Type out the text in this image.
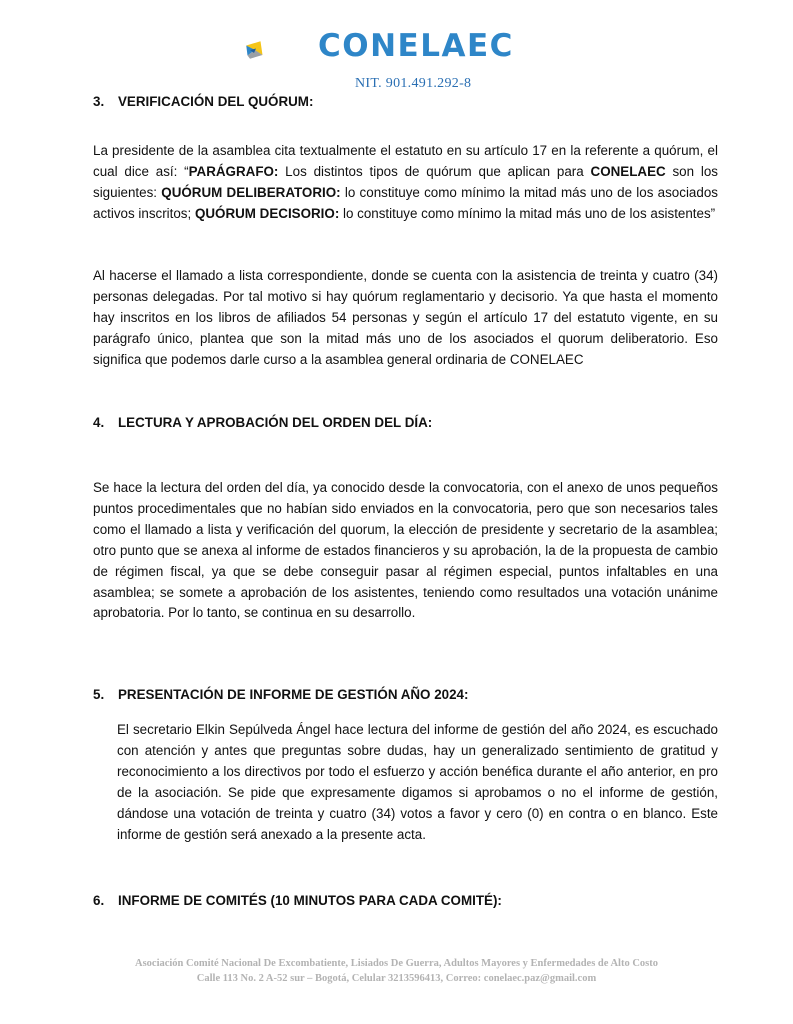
CONELAEC
NIT. 901.491.292-8
3. VERIFICACIÓN DEL QUÓRUM:
La presidente de la asamblea cita textualmente el estatuto en su artículo 17 en la referente a quórum, el cual dice así: “PARÁGRAFO: Los distintos tipos de quórum que aplican para CONELAEC son los siguientes: QUÓRUM DELIBERATORIO: lo constituye como mínimo la mitad más uno de los asociados activos inscritos; QUÓRUM DECISORIO: lo constituye como mínimo la mitad más uno de los asistentes”
Al hacerse el llamado a lista correspondiente, donde se cuenta con la asistencia de treinta y cuatro (34) personas delegadas. Por tal motivo si hay quórum reglamentario y decisorio. Ya que hasta el momento hay inscritos en los libros de afiliados 54 personas y según el artículo 17 del estatuto vigente, en su parágrafo único, plantea que son la mitad más uno de los asociados el quorum deliberatorio. Eso significa que podemos darle curso a la asamblea general ordinaria de CONELAEC
4. LECTURA Y APROBACIÓN DEL ORDEN DEL DÍA:
Se hace la lectura del orden del día, ya conocido desde la convocatoria, con el anexo de unos pequeños puntos procedimentales que no habían sido enviados en la convocatoria, pero que son necesarios tales como el llamado a lista y verificación del quorum, la elección de presidente y secretario de la asamblea; otro punto que se anexa al informe de estados financieros y su aprobación, la de la propuesta de cambio de régimen fiscal, ya que se debe conseguir pasar al régimen especial, puntos infaltables en una asamblea; se somete a aprobación de los asistentes, teniendo como resultados una votación unánime aprobatoria. Por lo tanto, se continua en su desarrollo.
5. PRESENTACIÓN DE INFORME DE GESTIÓN AÑO 2024:
El secretario Elkin Sepúlveda Ángel hace lectura del informe de gestión del año 2024, es escuchado con atención y antes que preguntas sobre dudas, hay un generalizado sentimiento de gratitud y reconocimiento a los directivos por todo el esfuerzo y acción benéfica durante el año anterior, en pro de la asociación. Se pide que expresamente digamos si aprobamos o no el informe de gestión, dándose una votación de treinta y cuatro (34) votos a favor y cero (0) en contra o en blanco. Este informe de gestión será anexado a la presente acta.
6. INFORME DE COMITÉS (10 MINUTOS PARA CADA COMITÉ):
Asociación Comité Nacional De Excombatiente, Lisiados De Guerra, Adultos Mayores y Enfermedades de Alto Costo
Calle 113 No. 2 A-52 sur – Bogotá, Celular 3213596413, Correo: conelaec.paz@gmail.com
